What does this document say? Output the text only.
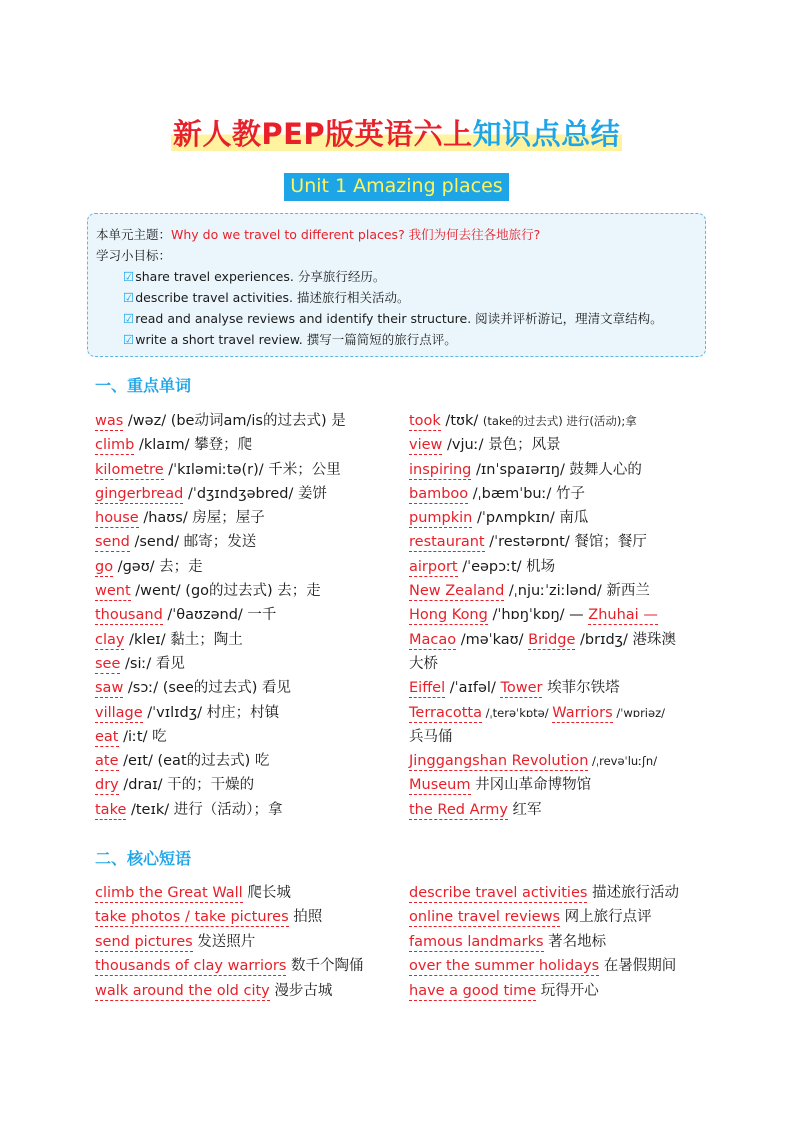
新人教PEP版英语六上知识点总结
Unit 1 Amazing places
本单元主题：Why do we travel to different places? 我们为何去往各地旅行?
学习小目标：
☑share travel experiences. 分享旅行经历。
☑describe travel activities. 描述旅行相关活动。
☑read and analyse reviews and identify their structure. 阅读并评析游记，理清文章结构。
☑write a short travel review. 撰写一篇简短的旅行点评。
一、重点单词
was /wəz/ (be动词am/is的过去式) 是
climb /klaɪm/ 攀登；爬
kilometre /ˈkɪləmiːtə(r)/ 千米；公里
gingerbread /ˈdʒɪndʒəbred/ 姜饼
house /haʊs/ 房屋；屋子
send /send/ 邮寄；发送
go /ɡəʊ/ 去；走
went /went/ (go的过去式) 去；走
thousand /ˈθaʊzənd/ 一千
clay /kleɪ/ 黏土；陶土
see /siː/ 看见
saw /sɔː/ (see的过去式) 看见
village /ˈvɪlɪdʒ/ 村庄；村镇
eat /iːt/ 吃
ate /eɪt/ (eat的过去式) 吃
dry /draɪ/ 干的；干燥的
take /teɪk/ 进行（活动）；拿
took /tʊk/ (take的过去式) 进行(活动);拿
view /vjuː/ 景色；风景
inspiring /ɪnˈspaɪərɪŋ/ 鼓舞人心的
bamboo /ˌbæmˈbuː/ 竹子
pumpkin /ˈpʌmpkɪn/ 南瓜
restaurant /ˈrestərɒnt/ 餐馆；餐厅
airport /ˈeəpɔːt/ 机场
New Zealand /ˌnjuːˈziːlənd/ 新西兰
Hong Kong /ˈhɒŋˈkɒŋ/ — Zhuhai —
Macao /məˈkaʊ/ Bridge /brɪdʒ/ 港珠澳
大桥
Eiffel /ˈaɪfəl/ Tower 埃菲尔铁塔
Terracotta /ˌterəˈkɒtə/ Warriors /ˈwɒriəz/
兵马俑
Jinggangshan Revolution /ˌrevəˈluːʃn/
Museum 井冈山革命博物馆
the Red Army 红军
二、核心短语
climb the Great Wall 爬长城
take photos / take pictures 拍照
send pictures 发送照片
thousands of clay warriors 数千个陶俑
walk around the old city 漫步古城
describe travel activities 描述旅行活动
online travel reviews 网上旅行点评
famous landmarks 著名地标
over the summer holidays 在暑假期间
have a good time 玩得开心
